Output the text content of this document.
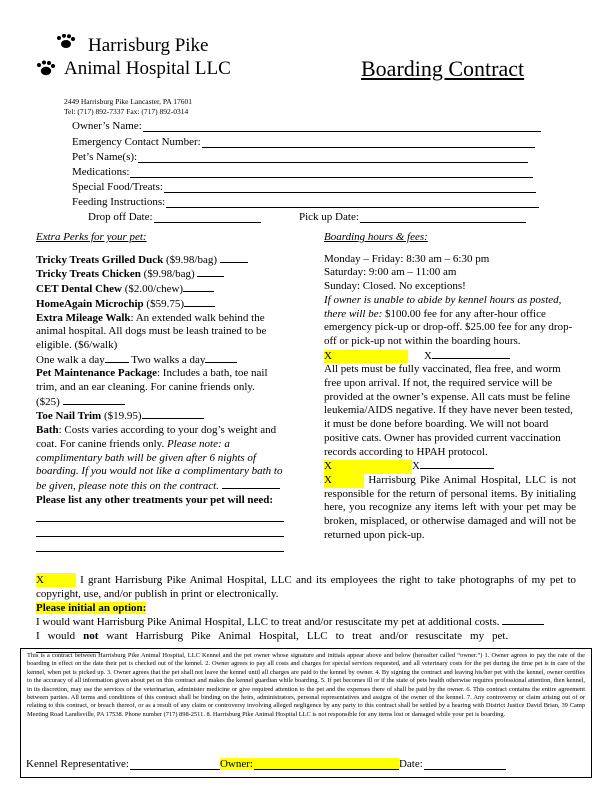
Harrisburg Pike
Animal Hospital LLC
2449 Harrisburg Pike Lancaster, PA 17601
Tel: (717) 892-7337 Fax: (717) 892-0314
Boarding Contract
Owner’s Name:
Emergency Contact Number:
Pet’s Name(s):
Medications:
Special Food/Treats:
Feeding Instructions:
Drop off Date:	Pick up Date:
Extra Perks for your pet:
Tricky Treats Grilled Duck ($9.98/bag)
Tricky Treats Chicken ($9.98/bag)
CET Dental Chew ($2.00/chew)
HomeAgain Microchip ($59.75)
Extra Mileage Walk: An extended walk behind the animal hospital. All dogs must be leash trained to be eligible. ($6/walk)
One walk a day Two walks a day
Pet Maintenance Package: Includes a bath, toe nail trim, and an ear cleaning. For canine friends only.
($25)
Toe Nail Trim ($19.95)
Bath: Costs varies according to your dog’s weight and coat. For canine friends only. Please note: a complimentary bath will be given after 6 nights of boarding. If you would not like a complimentary bath to be given, please note this on the contract.
Please list any other treatments your pet will need:
Boarding hours & fees:
Monday – Friday: 8:30 am – 6:30 pm
Saturday: 9:00 am – 11:00 am
Sunday: Closed. No exceptions!
If owner is unable to abide by kennel hours as posted, there will be: $100.00 fee for any after-hour office emergency pick-up or drop-off. $25.00 fee for any drop-off or pick-up not within the boarding hours.
X	X
All pets must be fully vaccinated, flea free, and worm free upon arrival. If not, the required service will be provided at the owner’s expense. All cats must be feline leukemia/AIDS negative. If they have never been tested, it must be done before boarding. We will not board positive cats. Owner has provided current vaccination records according to HPAH protocol.
X	X
X	Harrisburg Pike Animal Hospital, LLC is not responsible for the return of personal items. By initialing here, you recognize any items left with your pet may be broken, misplaced, or otherwise damaged and will not be returned upon pick-up.
X	I grant Harrisburg Pike Animal Hospital, LLC and its employees the right to take photographs of my pet to copyright, use, and/or publish in print or electronically.
Please initial an option:
I would want Harrisburg Pike Animal Hospital, LLC to treat and/or resuscitate my pet at additional costs.
I would not want Harrisburg Pike Animal Hospital, LLC to treat and/or resuscitate my pet.
This is a contract between Harrisburg Pike Animal Hospital, LLC Kennel and the pet owner whose signature and initials appear above and below (hereafter called “owner.”) 1. Owner agrees to pay the rate of the boarding in effect on the date their pet is checked out of the kennel. 2. Owner agrees to pay all costs and charges for special services requested, and all veterinary costs for the pet during the time pet is in care of the kennel, when pet is picked up. 3. Owner agrees that the pet shall not leave the kennel until all charges are paid to the kennel by owner. 4. By signing the contract and leaving his/her pet with the kennel, owner certifies to the accuracy of all information given about pet on this contract and makes the kennel guardian while boarding. 5. If pet becomes ill or if the state of pets health otherwise requires professional attention, then kennel, in its discretion, may use the services of the veterinarian, administer medicine or give required attention to the pet and the expenses there of shall be paid by the owner. 6. This contract contains the entire agreement between parties. All terms and conditions of this contract shall be binding on the heirs, administrators, personal representatives and assigns of the owner of the kennel. 7. Any controversy or claim arising out of or relating to this contract, or breach thereof, or as a result of any claim or controversy involving alleged negligence by any party to this contract shall be settled by a hearing with District Justice David Brian, 39 Camp Meeting Road Landisville, PA 17538. Phone number (717) 898-2511. 8. Harrisburg Pike Animal Hospital LLC is not responsible for any items lost or damaged while your pet is boarding.
Kennel Representative:	Owner:	Date:
